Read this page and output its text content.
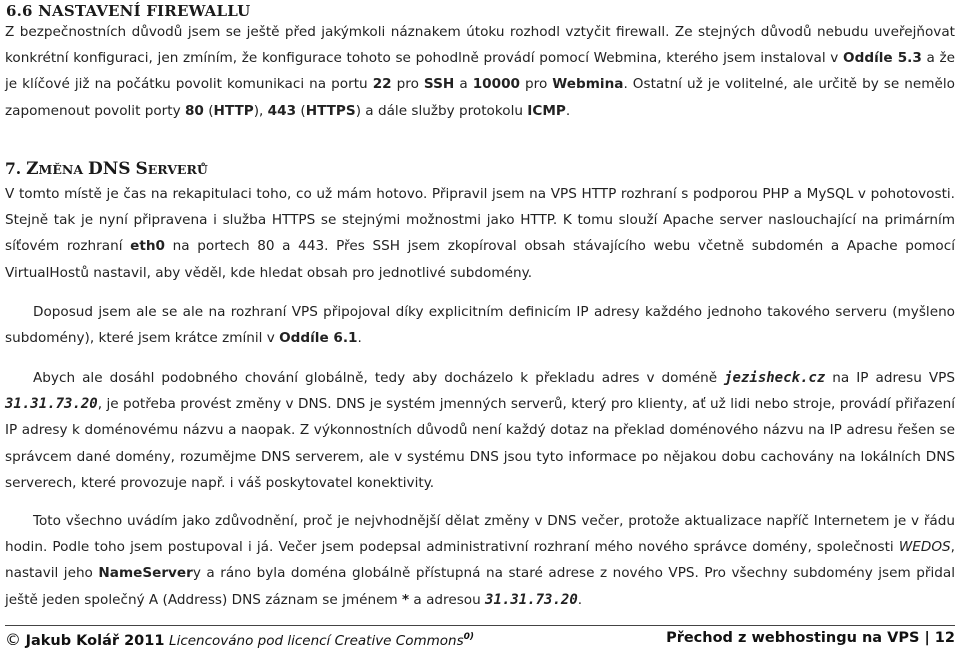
6.6 NASTAVENÍ FIREWALLU
Z bezpečnostních důvodů jsem se ještě před jakýmkoli náznakem útoku rozhodl vztyčit firewall. Ze stejných důvodů nebudu uveřejňovat konkrétní konfiguraci, jen zmíním, že konfigurace tohoto se pohodlně provádí pomocí Webmina, kterého jsem instaloval v Oddíle 5.3 a že je klíčové již na počátku povolit komunikaci na portu 22 pro SSH a 10000 pro Webmina. Ostatní už je volitelné, ale určitě by se nemělo zapomenout povolit porty 80 (HTTP), 443 (HTTPS) a dále služby protokolu ICMP.
7. ZMĚNA DNS SERVERŮ
V tomto místě je čas na rekapitulaci toho, co už mám hotovo. Připravil jsem na VPS HTTP rozhraní s podporou PHP a MySQL v pohotovosti. Stejně tak je nyní připravena i služba HTTPS se stejnými možnostmi jako HTTP. K tomu slouží Apache server naslouchající na primárním síťovém rozhraní eth0 na portech 80 a 443. Přes SSH jsem zkopíroval obsah stávajícího webu včetně subdomén a Apache pomocí VirtualHostů nastavil, aby věděl, kde hledat obsah pro jednotlivé subdomény.
Doposud jsem ale se ale na rozhraní VPS připojoval díky explicitním definicím IP adresy každého jednoho takového serveru (myšleno subdomény), které jsem krátce zmínil v Oddíle 6.1.
Abych ale dosáhl podobného chování globálně, tedy aby docházelo k překladu adres v doméně jezisheck.cz na IP adresu VPS 31.31.73.20, je potřeba provést změny v DNS. DNS je systém jmenných serverů, který pro klienty, ať už lidi nebo stroje, provádí přiřazení IP adresy k doménovému názvu a naopak. Z výkonnostních důvodů není každý dotaz na překlad doménového názvu na IP adresu řešen se správcem dané domény, rozumějme DNS serverem, ale v systému DNS jsou tyto informace po nějakou dobu cachovány na lokálních DNS serverech, které provozuje např. i váš poskytovatel konektivity.
Toto všechno uvádím jako zdůvodnění, proč je nejvhodnější dělat změny v DNS večer, protože aktualizace napříč Internetem je v řádu hodin. Podle toho jsem postupoval i já. Večer jsem podepsal administrativní rozhraní mého nového správce domény, společnosti WEDOS, nastavil jeho NameServery a ráno byla doména globálně přístupná na staré adrese z nového VPS. Pro všechny subdomény jsem přidal ještě jeden společný A (Address) DNS záznam se jménem * a adresou 31.31.73.20.
© Jakub Kolář 2011 Licencováno pod licencí Creative Commons$^{0)}$	Přechod z webhostingu na VPS | 12
